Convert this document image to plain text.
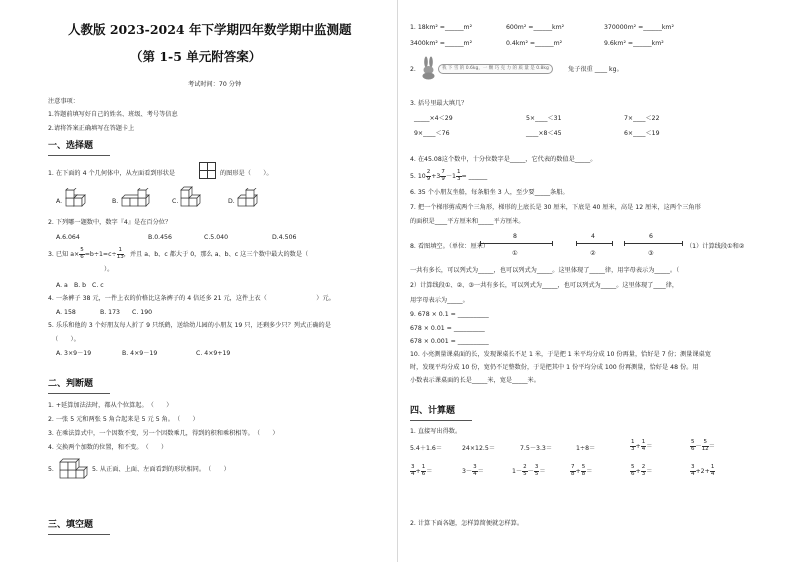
人教版 2023-2024 年下学期四年数学期中监测题
（第 1-5 单元附答案）
考试时间：70 分钟
注意事项：
1.答题前填写好自己的姓名、班级、考号等信息
2.请将答案正确填写在答题卡上
一、选择题
1. 在下面的 4 个几何体中，从左面看到形状是	的图形是（　　）。
A.	B.	C.	D.
2. 下列哪一题数中，数字『4』是在百分位？
A.6.064	B.0.456	C.5.040	D.4.506
3. 已知 $a\times \frac{5}{6} =b\div 1=c\div \frac{1}{13}$ ，并且 a、b、c 都大于 0，那么 a、b、c 这三个数中最大的数是（
）。
A. a B. b C. c
4. 一条裤子 38 元，一件上衣的价格比这条裤子的 4 倍还多 21 元，这件上衣（　　　　　　　　）元。
A. 158	B. 173 C. 190
5. 乐乐和他的 3 个好朋友每人折了 9 只纸鹤，送给幼儿园的小朋友 19 只，还剩多少只？列式正确的是
（　　）。
A. 3×9－19	B. 4×9－19	C. 4×9+19
二、判断题
1. +延算加法法时，都从个位算起。　（　　）
2. 一张 5 元和两张 5 角合起来是 5 元 5 角。　（　　）
3. 在乘法算式中，一个因数不变，另一个因数乘几，得到的积和乘积相等。　（　　）
4. 交换两个加数的位置，和不变。　（　　）
5.	5. 从正面、上面、左面看到的形状相同。　（　　）
三、填空题
1. 18km² =______m²	600m² =______km²	370000m² =______km²
3400km² =______m²	0.4km² =______m²	9.6km² =______km²
2.	我 下 雪 的 0.6kg，一 颗 巧 克 力 的 质 量 是 0.8kg	兔子很重 ____ kg。
3. 括号里最大填几？
_____×4＜29	5×____＜31	7×____＜22
9×____＜76	____×8＜45	6×____＜19
4. 在45.08这个数中，十分位数字是_____，它代表的数值是_____。
5. $10 \frac{2}{9} +3 \frac{7}{9} -1 \frac{1}{3}$ = ______
6. 35 个小朋友坐船，每条船坐 3 人，至少要_____条船。
7. 把一个梯形剪成两个三角形，梯形的上底长是 30 厘米，下底是 40 厘米，高是 12 厘米，这两个三角形
的面积是____平方厘米和_____平方厘米。
8. 看图填空。（单位：厘米）
8	4	6
①	②	③
（1）计算线段①和②
一共有多长，可以列式为_____，也可以列式为_____。这里体现了_____律，用字母表示为_____。（
2）计算线段①、②、③一共有多长，可以列式为_____，也可以列式为_____。这里体现了____律，
用字母表示为_____。
9. 678 × 0.1 = __________
678 × 0.01 = __________
678 × 0.001 = __________
10. 小亮测量课桌面的长，发现课桌长不足 1 米，于是把 1 米平均分成 10 份再量，恰好是 7 份；测量课桌宽
时，发现平均分成 10 份，宽仍不足整数份，于是把其中 1 份平均分成 100 份再测量，恰好是 48 份。用
小数表示课桌面的长是_____米，宽是_____米。
四、计算题
1. 直接写出得数。
5.4＋1.6＝	24×12.5＝	7.5－3.3＝	1÷8＝	$\frac{1}{3} + \frac{1}{4}$ ＝	$\frac{5}{6} - \frac{5}{12}$ ＝
$\frac{3}{4} + \frac{1}{6}$ ＝	$3- \frac{3}{4}$ ＝	$1- \frac{2}{5} - \frac{3}{5}$ ＝	$\frac{7}{8} + \frac{5}{8}$ ＝	$\frac{5}{6} + \frac{2}{3}$ ＝	$\frac{3}{4} +2+ \frac{1}{4}$
2. 计算下面各题，怎样算简便就怎样算。
